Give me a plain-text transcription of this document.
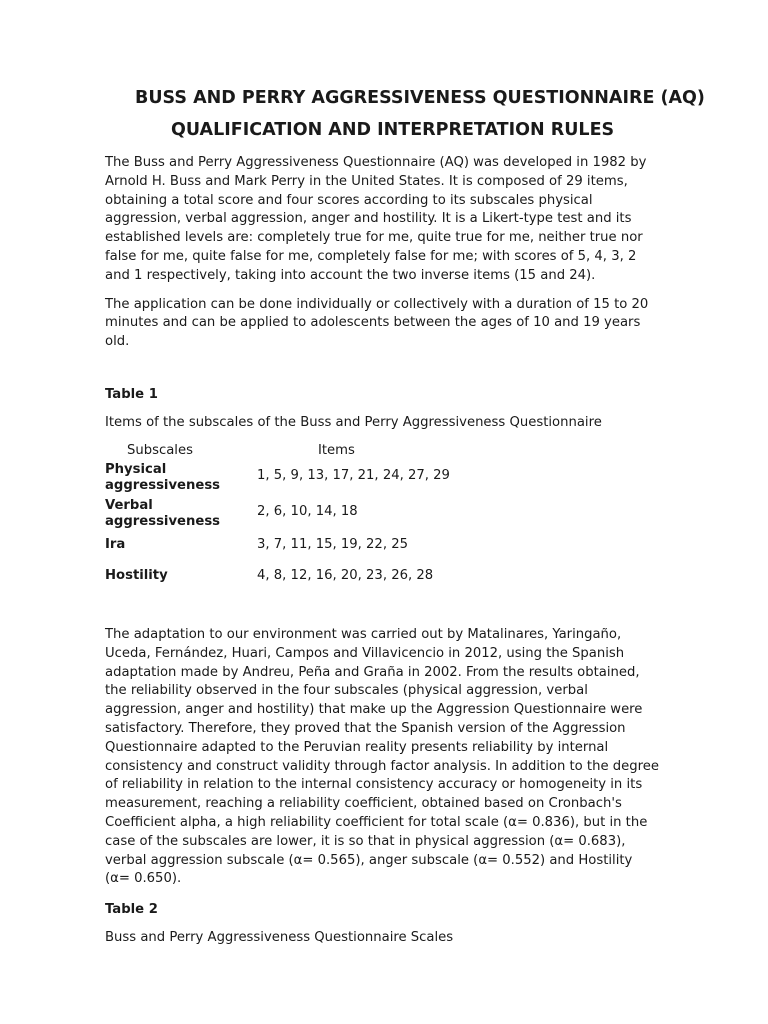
BUSS AND PERRY AGGRESSIVENESS QUESTIONNAIRE (AQ)
QUALIFICATION AND INTERPRETATION RULES

The Buss and Perry Aggressiveness Questionnaire (AQ) was developed in 1982 by Arnold H. Buss and Mark Perry in the United States. It is composed of 29 items, obtaining a total score and four scores according to its subscales physical aggression, verbal aggression, anger and hostility. It is a Likert-type test and its established levels are: completely true for me, quite true for me, neither true nor false for me, quite false for me, completely false for me; with scores of 5, 4, 3, 2 and 1 respectively, taking into account the two inverse items (15 and 24).

The application can be done individually or collectively with a duration of 15 to 20 minutes and can be applied to adolescents between the ages of 10 and 19 years old.

Table 1

Items of the subscales of the Buss and Perry Aggressiveness Questionnaire

Subscales	Items

Physical aggressiveness	1, 5, 9, 13, 17, 21, 24, 27, 29

Verbal aggressiveness	2, 6, 10, 14, 18

Ira	3, 7, 11, 15, 19, 22, 25

Hostility	4, 8, 12, 16, 20, 23, 26, 28

The adaptation to our environment was carried out by Matalinares, Yaringaño, Uceda, Fernández, Huari, Campos and Villavicencio in 2012, using the Spanish adaptation made by Andreu, Peña and Graña in 2002. From the results obtained, the reliability observed in the four subscales (physical aggression, verbal aggression, anger and hostility) that make up the Aggression Questionnaire were satisfactory. Therefore, they proved that the Spanish version of the Aggression Questionnaire adapted to the Peruvian reality presents reliability by internal consistency and construct validity through factor analysis. In addition to the degree of reliability in relation to the internal consistency accuracy or homogeneity in its measurement, reaching a reliability coefficient, obtained based on Cronbach's Coefficient alpha, a high reliability coefficient for total scale (α= 0.836), but in the case of the subscales are lower, it is so that in physical aggression (α= 0.683), verbal aggression subscale (α= 0.565), anger subscale (α= 0.552) and Hostility (α= 0.650).

Table 2

Buss and Perry Aggressiveness Questionnaire Scales
